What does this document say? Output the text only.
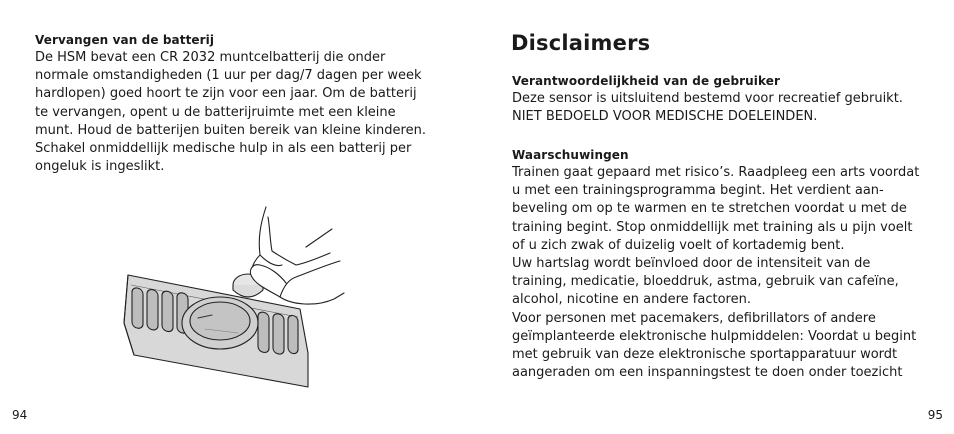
Vervangen van de batterij
De HSM bevat een CR 2032 muntcelbatterij die onder
normale omstandigheden (1 uur per dag/7 dagen per week
hardlopen) goed hoort te zijn voor een jaar. Om de batterij
te vervangen, opent u de batterijruimte met een kleine
munt. Houd de batterijen buiten bereik van kleine kinderen.
Schakel onmiddellijk medische hulp in als een batterij per
ongeluk is ingeslikt.
94
Disclaimers
Verantwoordelijkheid van de gebruiker
Deze sensor is uitsluitend bestemd voor recreatief gebruikt.
NIET BEDOELD VOOR MEDISCHE DOELEINDEN.
Waarschuwingen
Trainen gaat gepaard met risico’s. Raadpleeg een arts voordat
u met een trainingsprogramma begint. Het verdient aan-
beveling om op te warmen en te stretchen voordat u met de
training begint. Stop onmiddellijk met training als u pijn voelt
of u zich zwak of duizelig voelt of kortademig bent.
Uw hartslag wordt beïnvloed door de intensiteit van de
training, medicatie, bloeddruk, astma, gebruik van cafeïne,
alcohol, nicotine en andere factoren.
Voor personen met pacemakers, defibrillators of andere
geïmplanteerde elektronische hulpmiddelen: Voordat u begint
met gebruik van deze elektronische sportapparatuur wordt
aangeraden om een inspanningstest te doen onder toezicht
95
